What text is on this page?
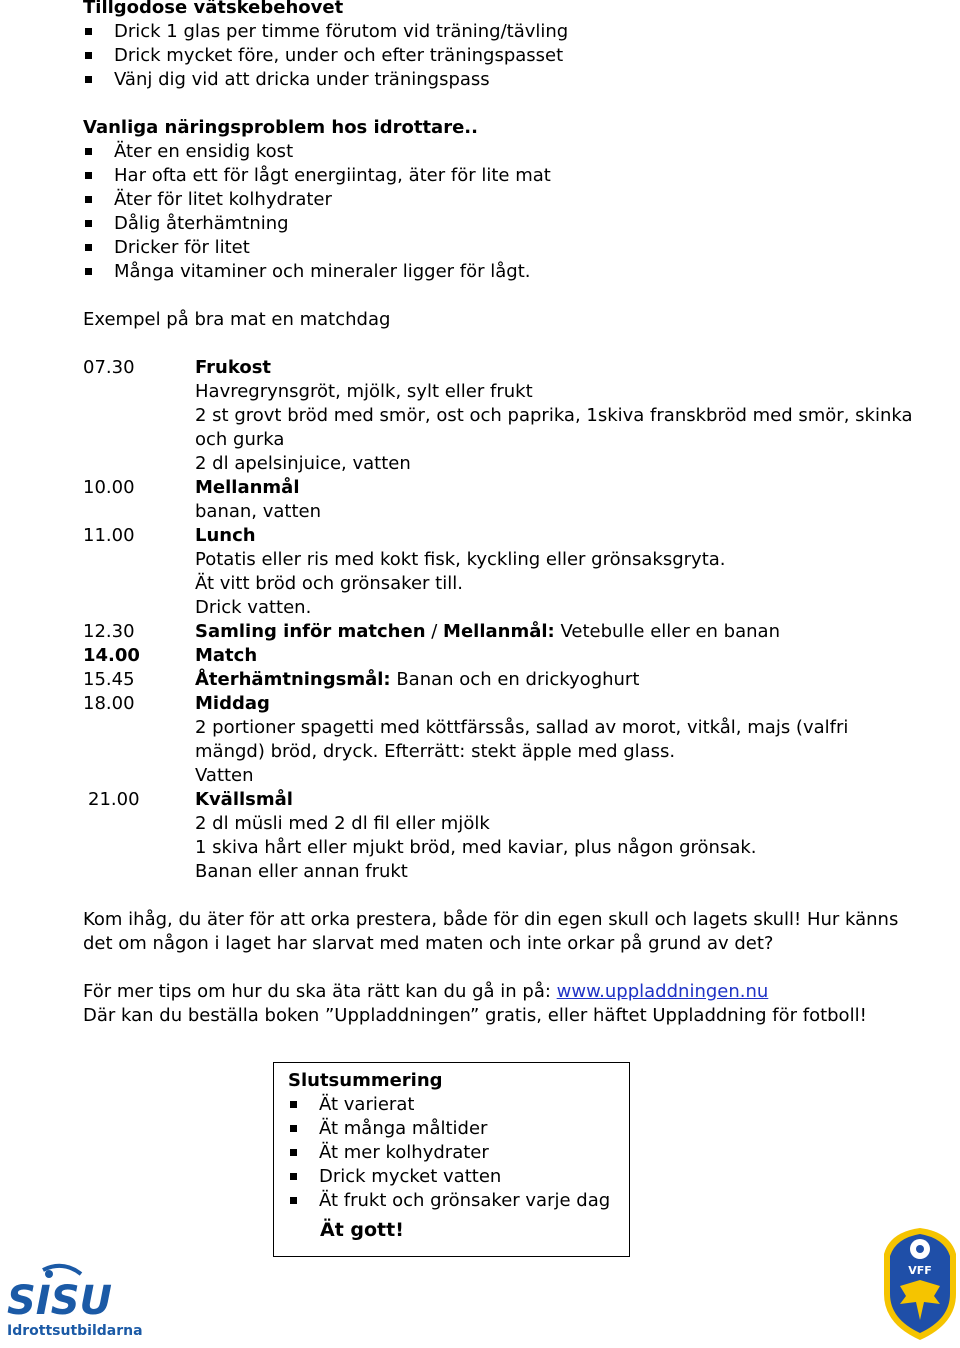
Tillgodose vätskebehovet
Drick 1 glas per timme förutom vid träning/tävling
Drick mycket före, under och efter träningspasset
Vänj dig vid att dricka under träningspass
Vanliga näringsproblem hos idrottare..
Äter en ensidig kost
Har ofta ett för lågt energiintag, äter för lite mat
Äter för litet kolhydrater
Dålig återhämtning
Dricker för litet
Många vitaminer och mineraler ligger för lågt.
Exempel på bra mat en matchdag
07.30	Frukost
Havregrynsgröt, mjölk, sylt eller frukt
2 st grovt bröd med smör, ost och paprika, 1skiva franskbröd med smör, skinka och gurka
2 dl apelsinjuice, vatten
10.00	Mellanmål
banan, vatten
11.00	Lunch
Potatis eller ris med kokt fisk, kyckling eller grönsaksgryta.
Ät vitt bröd och grönsaker till.
Drick vatten.
12.30	Samling inför matchen / Mellanmål: Vetebulle eller en banan
14.00	Match
15.45	Återhämtningsmål: Banan och en drickyoghurt
18.00	Middag
2 portioner spagetti med köttfärssås, sallad av morot, vitkål, majs (valfri mängd) bröd, dryck. Efterrätt: stekt äpple med glass.
Vatten
21.00	Kvällsmål
2 dl müsli med 2 dl fil eller mjölk
1 skiva hårt eller mjukt bröd, med kaviar, plus någon grönsak.
Banan eller annan frukt
Kom ihåg, du äter för att orka prestera, både för din egen skull och lagets skull! Hur känns det om någon i laget har slarvat med maten och inte orkar på grund av det?
För mer tips om hur du ska äta rätt kan du gå in på: www.uppladdningen.nu
Där kan du beställa boken ”Uppladdningen” gratis, eller häftet Uppladdning för fotboll!
Slutsummering
Ät varierat
Ät många måltider
Ät mer kolhydrater
Drick mycket vatten
Ät frukt och grönsaker varje dag
Ät gott!
SISU
Idrottsutbildarna
VFF
